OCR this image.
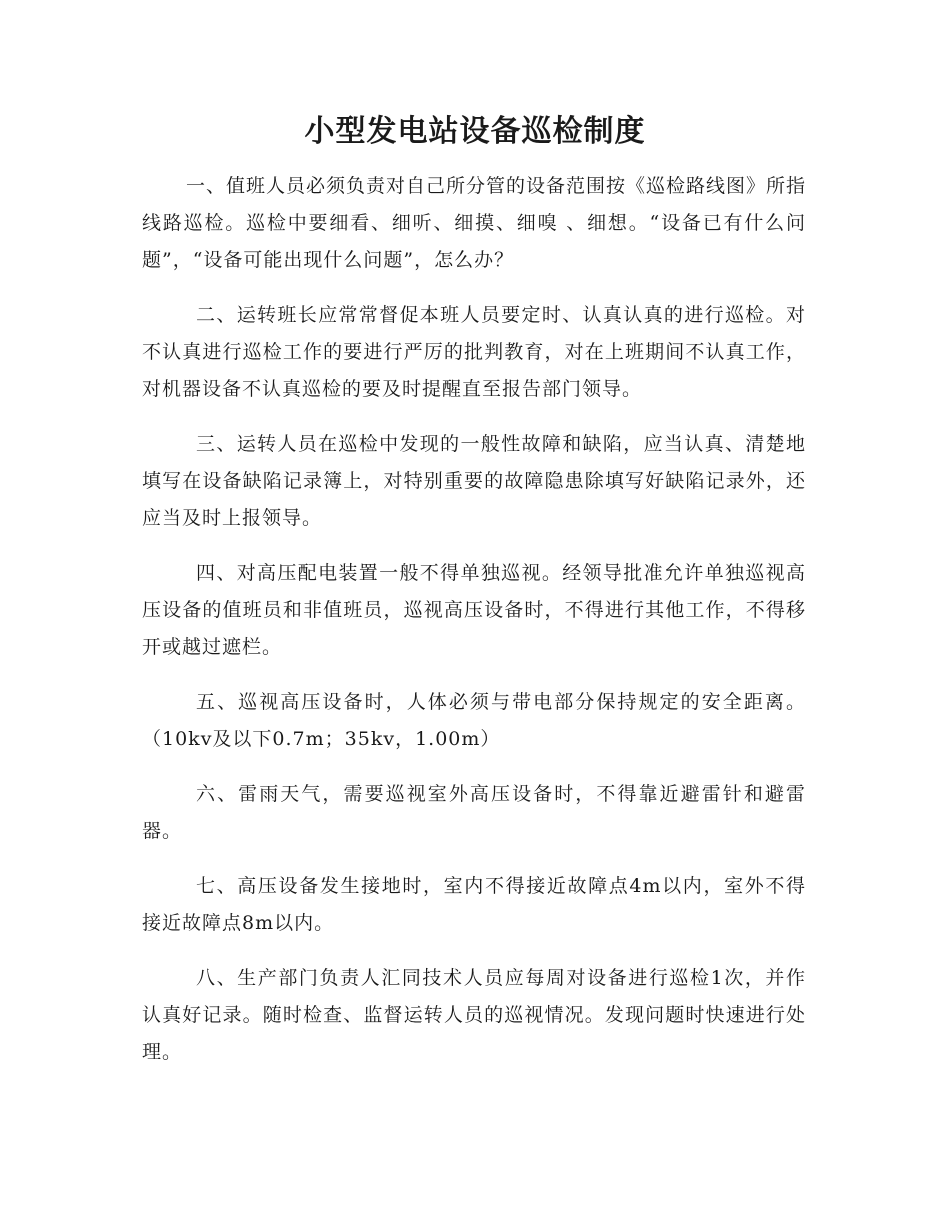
小型发电站设备巡检制度

一、值班人员必须负责对自己所分管的设备范围按《巡检路线图》所指线路巡检。巡检中要细看、细听、细摸、细嗅 、细想。“设备已有什么问题”，“设备可能出现什么问题”，怎么办？

二、运转班长应常常督促本班人员要定时、认真认真的进行巡检。对不认真进行巡检工作的要进行严厉的批判教育，对在上班期间不认真工作，对机器设备不认真巡检的要及时提醒直至报告部门领导。

三、运转人员在巡检中发现的一般性故障和缺陷，应当认真、清楚地填写在设备缺陷记录簿上，对特别重要的故障隐患除填写好缺陷记录外，还应当及时上报领导。

四、对高压配电装置一般不得单独巡视。经领导批准允许单独巡视高压设备的值班员和非值班员，巡视高压设备时，不得进行其他工作，不得移开或越过遮栏。

五、巡视高压设备时，人体必须与带电部分保持规定的安全距离。（10kv及以下0.7m；35kv，1.00m）

六、雷雨天气，需要巡视室外高压设备时，不得靠近避雷针和避雷器。

七、高压设备发生接地时，室内不得接近故障点4m以内，室外不得接近故障点8m以内。

八、生产部门负责人汇同技术人员应每周对设备进行巡检1次，并作认真好记录。随时检查、监督运转人员的巡视情况。发现问题时快速进行处理。
